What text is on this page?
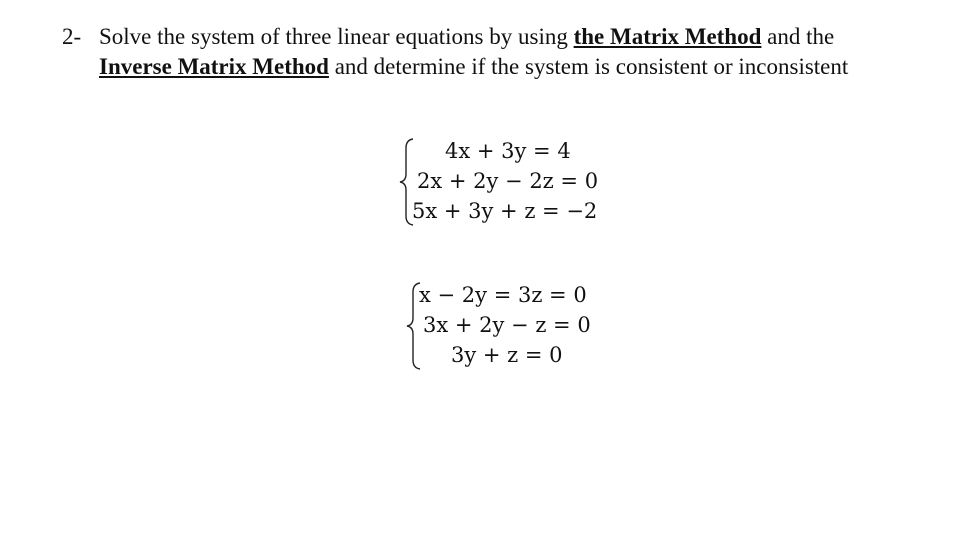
2- Solve the system of three linear equations by using the Matrix Method and the
Inverse Matrix Method and determine if the system is consistent or inconsistent
4x + 3y = 4
2x + 2y − 2z = 0
5x + 3y + z = −2
x − 2y = 3z = 0
3x + 2y − z = 0
3y + z = 0
